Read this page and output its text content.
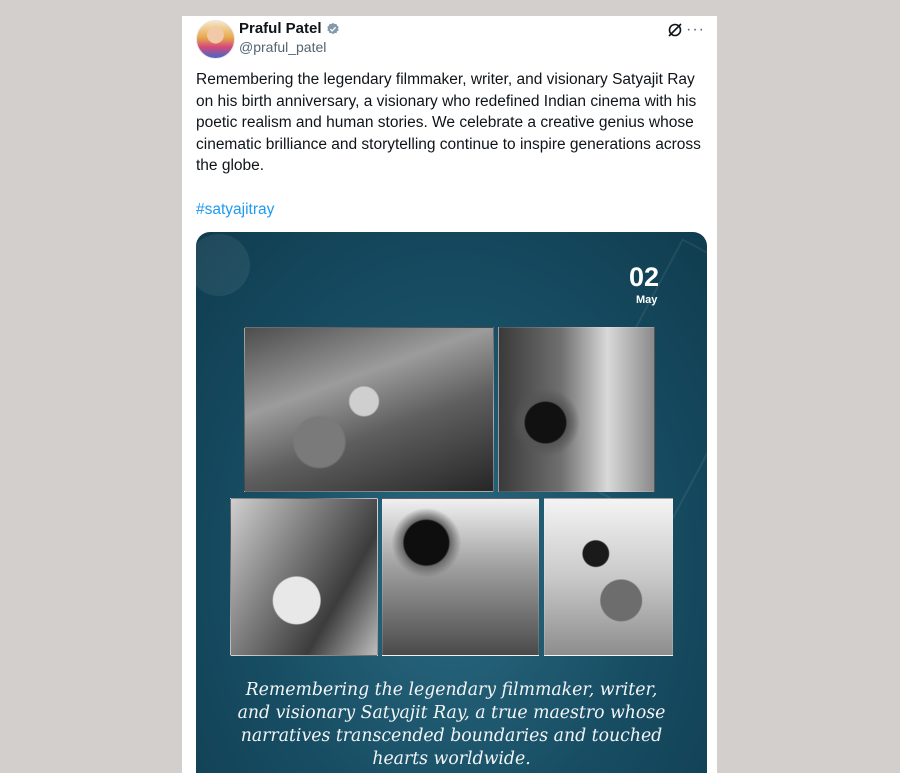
Praful Patel
@praful_patel
···
Remembering the legendary filmmaker, writer, and visionary Satyajit Ray on his birth anniversary, a visionary who redefined Indian cinema with his poetic realism and human stories. We celebrate a creative genius whose cinematic brilliance and storytelling continue to inspire generations across the globe.
#satyajitray
02
May
Remembering the legendary filmmaker, writer, and visionary Satyajit Ray, a true maestro whose narratives transcended boundaries and touched hearts worldwide.
